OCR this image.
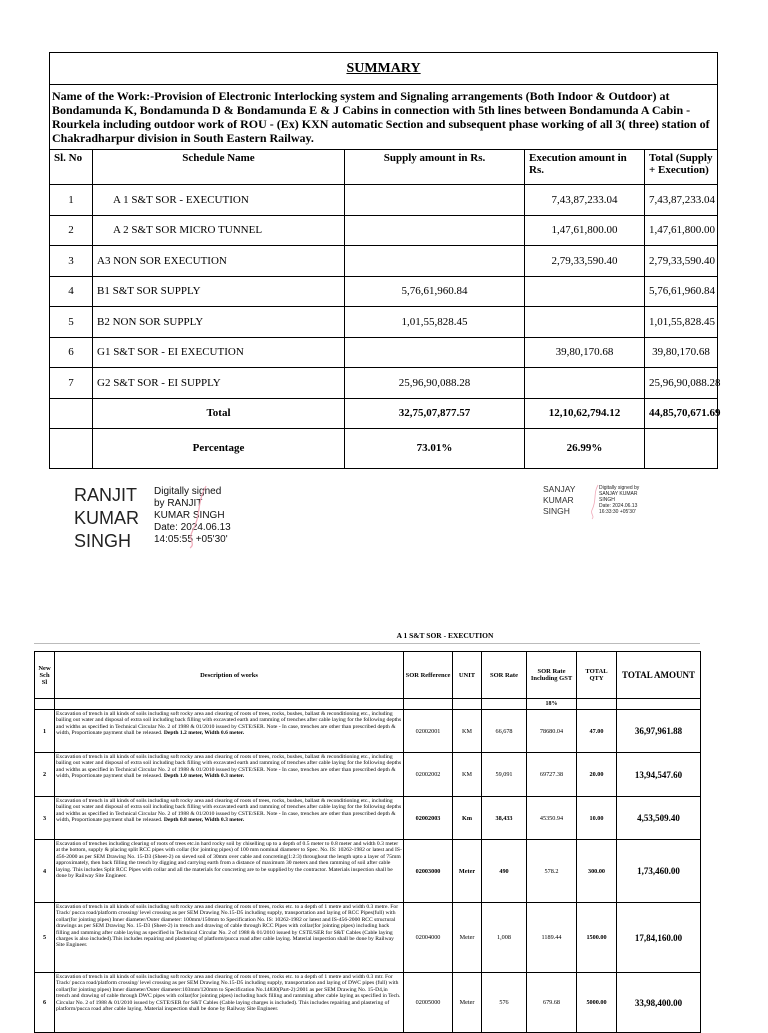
SUMMARY				
Name of the Work:-Provision of Electronic Interlocking system and Signaling arrangements (Both Indoor & Outdoor) at Bondamunda K, Bondamunda D & Bondamunda E & J Cabins in connection with 5th lines between Bondamunda A Cabin - Rourkela including outdoor work of ROU - (Ex) KXN automatic Section and subsequent phase working of all 3( three) station of Chakradharpur division in South Eastern Railway.				
Sl. No	Schedule Name	Supply amount in Rs.	Execution amount in Rs.	Total (Supply + Execution)
1	A 1 S&T SOR - EXECUTION		7,43,87,233.04	7,43,87,233.04
2	A 2 S&T SOR MICRO TUNNEL		1,47,61,800.00	1,47,61,800.00
3	A3 NON SOR EXECUTION		2,79,33,590.40	2,79,33,590.40
4	B1 S&T SOR SUPPLY	5,76,61,960.84		5,76,61,960.84
5	B2 NON SOR SUPPLY	1,01,55,828.45		1,01,55,828.45
6	G1 S&T SOR - EI EXECUTION		39,80,170.68	39,80,170.68
7	G2 S&T SOR - EI SUPPLY	25,96,90,088.28		25,96,90,088.28
	Total	32,75,07,877.57	12,10,62,794.12	44,85,70,671.69
	Percentage	73.01%	26.99%	
RANJIT KUMAR SINGH
Digitally signed
by RANJIT
KUMAR SINGH
Date: 2024.06.13
14:05:55 +05'30'
SANJAY KUMAR SINGH
Digitally signed by
SANJAY KUMAR
SINGH
Date: 2024.06.13
16:33:30 +05'30'
A 1 S&T SOR - EXECUTION
New Sch Sl	Description of works	SOR Refference	UNIT	SOR Rate	SOR Rate Including GST	TOTAL QTY	TOTAL AMOUNT
					18%		
1	Excavation of trench in all kinds of soils including soft rocky area and clearing of roots of trees, rocks, bushes, ballast & reconditioning etc., including bailing out water and disposal of extra soil including back filling with excavated earth and ramming of trenches after cable laying for the following depths and widths as specified in Technical Circular No. 2 of 1988 & 01/2010 issued by CSTE/SER. Note - In case, trenches are other than prescribed depth & width, Proportionate payment shall be released. Depth 1.2 meter, Width 0.6 meter.	02002001	KM	66,678	78680.04	47.00	36,97,961.88
2	Excavation of trench in all kinds of soils including soft rocky area and clearing of roots of trees, rocks, bushes, ballast & reconditioning etc., including bailing out water and disposal of extra soil including back filling with excavated earth and ramming of trenches after cable laying for the following depths and widths as specified in Technical Circular No. 2 of 1988 & 01/2010 issued by CSTE/SER. Note - In case, trenches are other than prescribed depth & width, Proportionate payment shall be released. Depth 1.0 meter, Width 0.3 meter.	02002002	KM	59,091	69727.38	20.00	13,94,547.60
3	Excavation of trench in all kinds of soils including soft rocky area and clearing of roots of trees, rocks, bushes, ballast & reconditioning etc., including bailing out water and disposal of extra soil including back filling with excavated earth and ramming of trenches after cable laying for the following depths and widths as specified in Technical Circular No. 2 of 1988 & 01/2010 issued by CSTE/SER. Note - In case, trenches are other than prescribed depth & width, Proportionate payment shall be released. Depth 0.8 meter, Width 0.3 meter.	02002003	Km	38,433	45350.94	10.00	4,53,509.40
4	Excavation of trenches including clearing of roots of trees etc.in hard rocky soil by chiselling up to a depth of 0.5 meter to 0.8 meter and width 0.3 meter at the bottom, supply & placing split RCC pipes with collar (for jointing pipes) of 100 mm nominal diameter to Spec. No. IS: 10262-1982 or latest and IS-456-2000 as per SEM Drawing No. 15-D3 (Sheet-2) on sieved soil of 30mm over cable and concreting(1:2:3) throughout the length upto a layer of 75mm approximately, then back filling the trench by digging and carrying earth from a distance of maximum 30 meters and then ramming of soil after cable laying. This includes Split RCC Pipes with collar and all the materials for concreting are to be supplied by the contractor. Materials inspection shall be done by Railway Site Engineer.	02003000	Meter	490	578.2	300.00	1,73,460.00
5	Excavation of trench in all kinds of soils including soft rocky area and clearing of roots of trees, rocks etc. to a depth of 1 metre and width 0.3 metre. For Track/ pucca road/platform crossing/ level crossing as per SEM Drawing No.15-D5 including supply, transportation and laying of RCC Pipes(full) with collar(for jointing pipes) Inner diameter/Outer diameter: 100mm/150mm to Specification No. IS: 10262-1982 or latest and IS-456-2000 RCC structural drawings as per SEM Drawing No. 15-D3 (Sheet-2) in trench and drawing of cable through RCC Pipes with collar(for jointing pipes) including back filling and ramming after cable laying as specified in Technical Circular No. 2 of 1988 & 01/2010 issued by CSTE/SER for S&T Cables (Cable laying charges is also included).This includes repairing and plastering of platform/pucca road after cable laying. Material inspection shall be done by Railway Site Engineer.	02004000	Meter	1,008	1189.44	1500.00	17,84,160.00
6	Excavation of trench in all kinds of soils including soft rocky area and clearing of roots of trees, rocks etc. to a depth of 1 metre and width 0.3 mtr. For Track/ pucca road/platform crossing/ level crossing as per SEM Drawing No.15-D5 including supply, transportation and laying of DWC pipes (full) with collar(for jointing pipes) Inner diameter/Outer diameter:103mm/120mm to Specification No.14830(Part-2):2001 as per SEM Drawing No. 15-D4,in trench and drawing of cable through DWC pipes with collar(for jointing pipes) including back filling and ramming after cable laying as specified in Tech. Circular No. 2 of 1988 & 01/2010 issued by CSTE/SER for S&T Cables (Cable laying charges is included). This includes repairing and plastering of platform/pucca road after cable laying. Material inspection shall be done by Railway Site Engineer.	02005000	Meter	576	679.68	5000.00	33,98,400.00
